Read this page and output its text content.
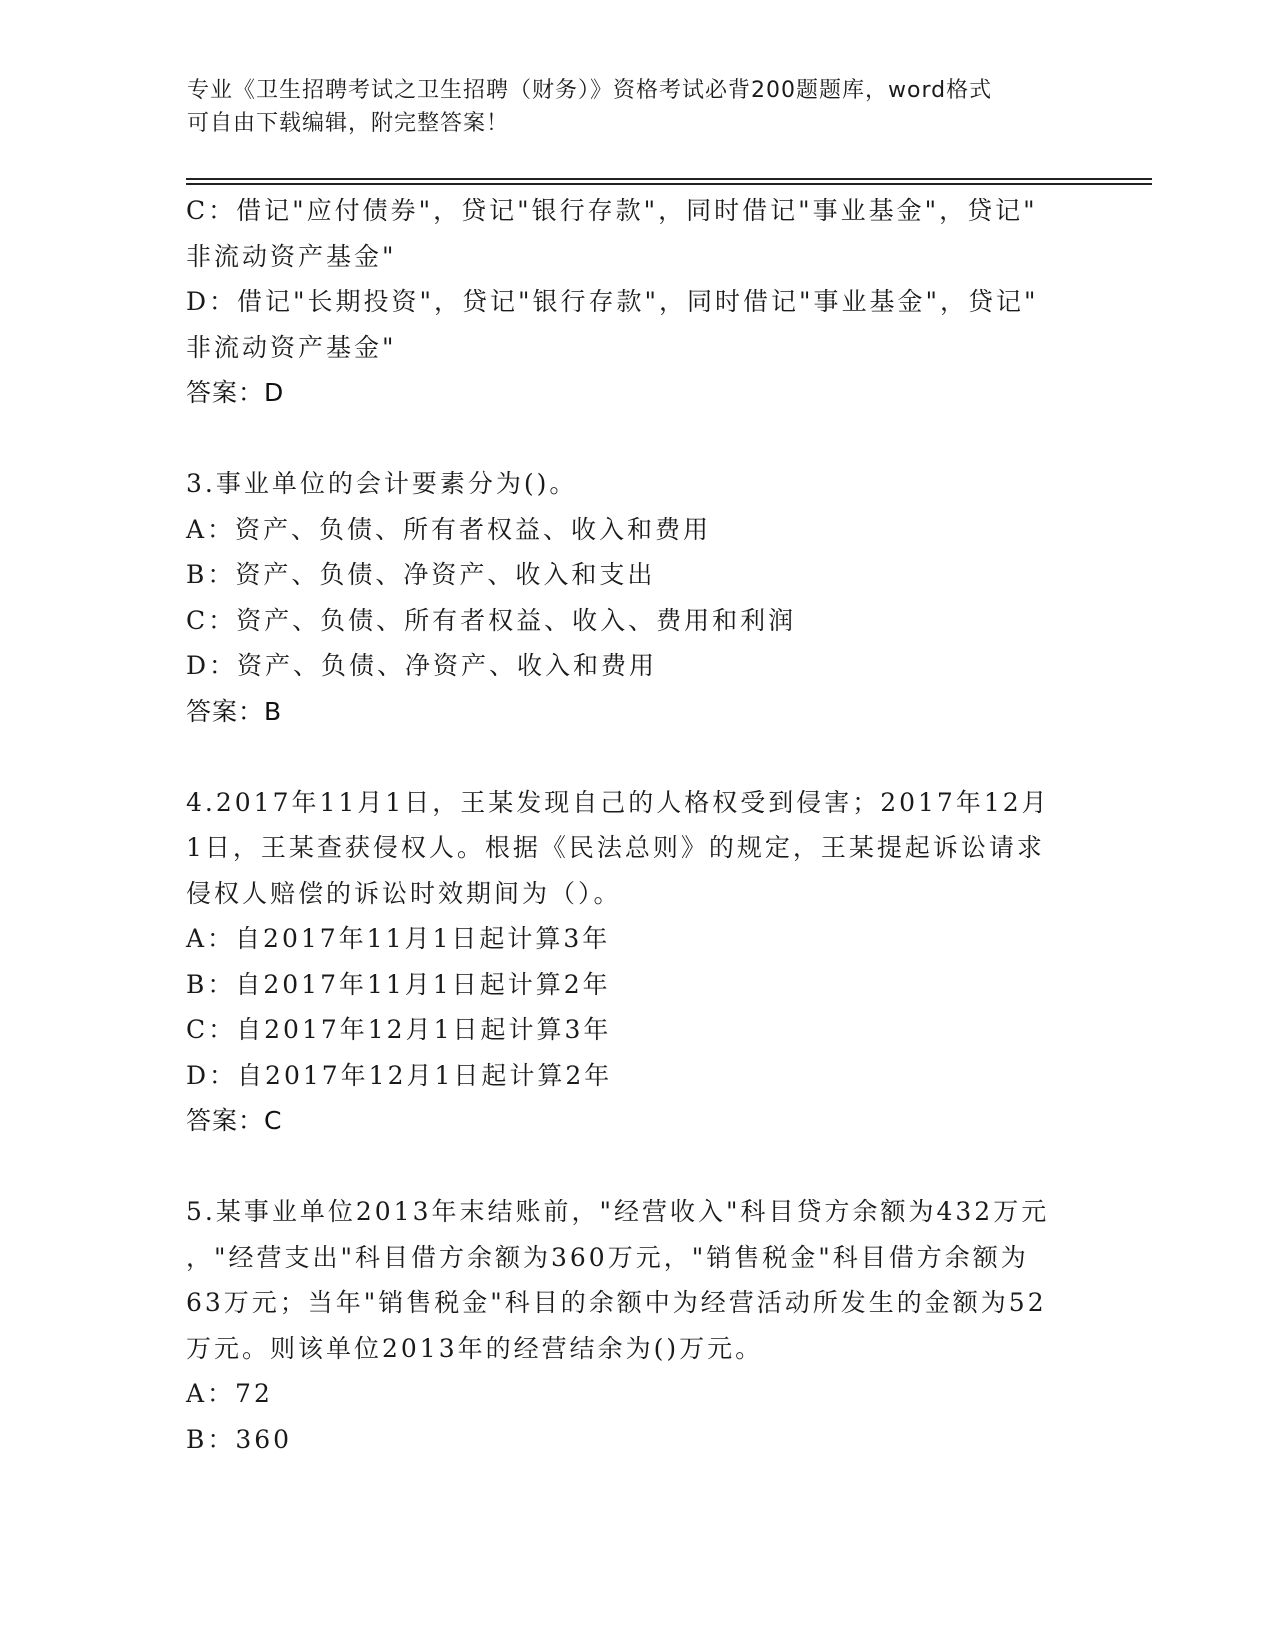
专业《卫生招聘考试之卫生招聘（财务）》资格考试必背200题题库，word格式
可自由下载编辑，附完整答案！
C：借记"应付债券"，贷记"银行存款"，同时借记"事业基金"，贷记"
非流动资产基金"
D：借记"长期投资"，贷记"银行存款"，同时借记"事业基金"，贷记"
非流动资产基金"
答案：D
3.事业单位的会计要素分为()。
A：资产、负债、所有者权益、收入和费用
B：资产、负债、净资产、收入和支出
C：资产、负债、所有者权益、收入、费用和利润
D：资产、负债、净资产、收入和费用
答案：B
4.2017年11月1日，王某发现自己的人格权受到侵害；2017年12月
1日，王某查获侵权人。根据《民法总则》的规定，王某提起诉讼请求
侵权人赔偿的诉讼时效期间为（）。
A：自2017年11月1日起计算3年
B：自2017年11月1日起计算2年
C：自2017年12月1日起计算3年
D：自2017年12月1日起计算2年
答案：C
5.某事业单位2013年末结账前，"经营收入"科目贷方余额为432万元
，"经营支出"科目借方余额为360万元，"销售税金"科目借方余额为
63万元；当年"销售税金"科目的余额中为经营活动所发生的金额为52
万元。则该单位2013年的经营结余为()万元。
A：72
B：360
